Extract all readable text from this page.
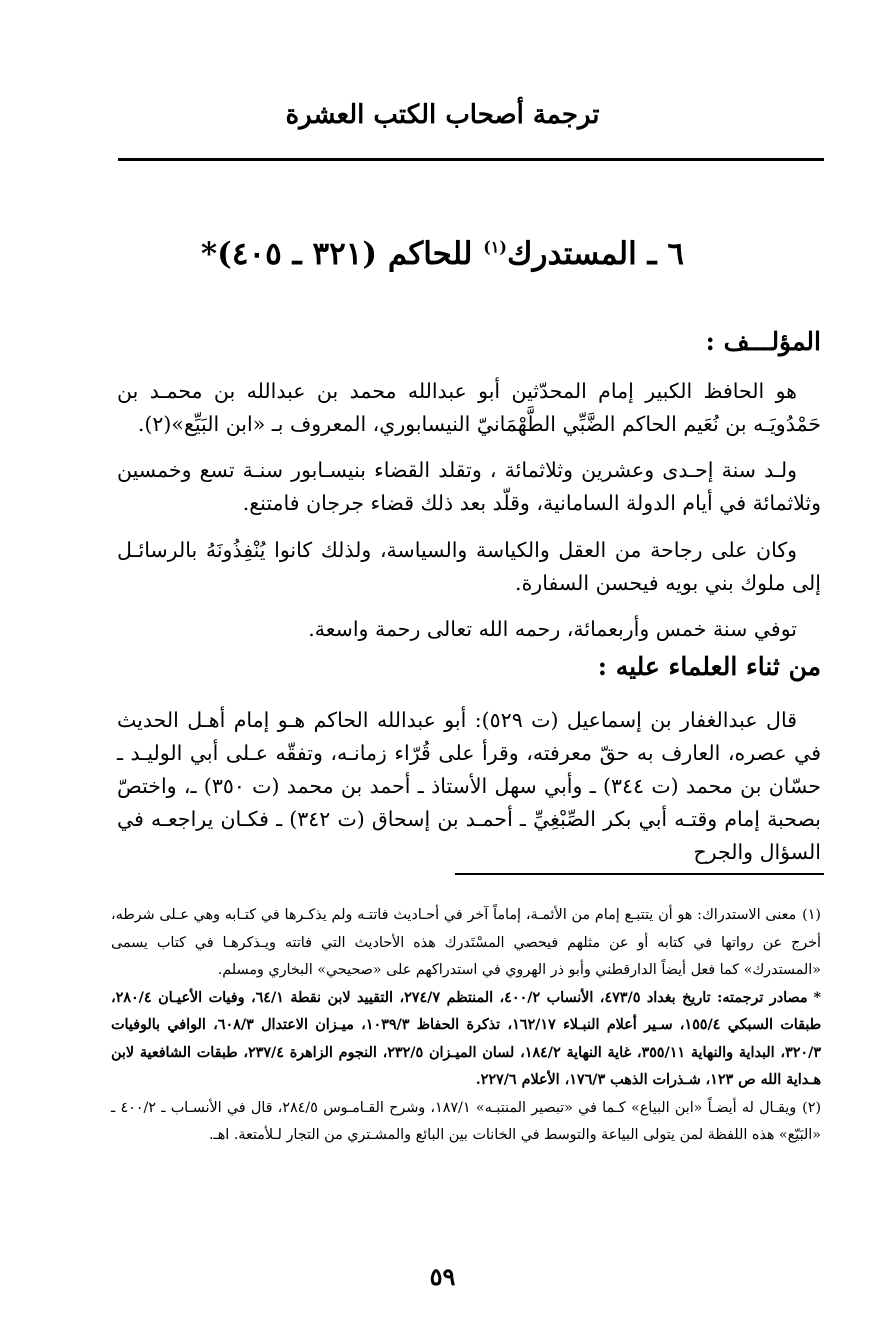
ترجمة أصحاب الكتب العشرة
٦ ـ المستدرك$^{(١)}$ للحاكم (٣٢١ ـ ٤٠٥)*
المؤلـــف :
هو الحافظ الكبير إمام المحدّثين أبو عبدالله محمد بن عبدالله بن محمـد بن حَمْدُويَـه بن نُعَيم الحاكم الضَّبِّي الطَّهْمَانيّ النيسابوري، المعروف بـ «ابن البَيِّع»(٢).
ولـد سنة إحـدى وعشرين وثلاثمائة ، وتقلد القضاء بنيسـابور سنـة تسع وخمسين وثلاثمائة في أيام الدولة السامانية، وقلّد بعد ذلك قضاء جرجان فامتنع.
وكان على رجاحة من العقل والكياسة والسياسة، ولذلك كانوا يُنْفِذُونَهُ بالرسائـل إلى ملوك بني بويه فيحسن السفارة.
توفي سنة خمس وأربعمائة، رحمه الله تعالى رحمة واسعة.
من ثناء العلماء عليه :
قال عبدالغفار بن إسماعيل (ت ٥٢٩): أبو عبدالله الحاكم هـو إمام أهـل الحديث في عصره، العارف به حقّ معرفته، وقرأ على قُرّاء زمانـه، وتفقّه عـلى أبي الوليـد ـ حسّان بن محمد (ت ٣٤٤) ـ وأبي سهل الأستاذ ـ أحمد بن محمد (ت ٣٥٠) ـ، واختصّ بصحبة إمام وقتـه أبي بكر الصِّبْغِيِّ ـ أحمـد بن إسحاق (ت ٣٤٢) ـ فكـان يراجعـه في السؤال والجرح
(١)معنى الاستدراك: هو أن يتتبـع إمام من الأئمـة، إماماً آخر في أحـاديث فاتتـه ولم يذكـرها في كتـابه وهي عـلى شرطه، أخرج عن رواتها في كتابه أو عن مثلهم فيحصي المسْتَدرك هذه الأحاديث التي فاتته ويـذكرهـا في كتاب يسمى «المستدرك» كما فعل أيضاً الدارقطني وأبو ذر الهروي في استدراكهم على «صحيحي» البخاري ومسلم.
*مصادر ترجمته: تاريخ بغداد ٤٧٣/٥، الأنساب ٤٠٠/٢، المنتظم ٢٧٤/٧، التقييد لابن نقطة ٦٤/١، وفيات الأعيـان ٢٨٠/٤، طبقات السبكي ١٥٥/٤، سـير أعلام النبـلاء ١٦٢/١٧، تذكرة الحفاظ ١٠٣٩/٣، ميـزان الاعتدال ٦٠٨/٣، الوافي بالوفيات ٣٢٠/٣، البداية والنهاية ٣٥٥/١١، غاية النهاية ١٨٤/٢، لسان الميـزان ٢٣٢/٥، النجوم الزاهرة ٢٣٧/٤، طبقات الشافعية لابن هـداية الله ص ١٢٣، شـذرات الذهب ١٧٦/٣، الأعلام ٢٢٧/٦.
(٢)ويقـال له أيضـاً «ابن البياع» كـما في «تبصير المنتبـه» ١٨٧/١، وشرح القـامـوس ٢٨٤/٥، قال في الأنسـاب ـ ٤٠٠/٢ ـ «البَيّع» هذه اللفظة لمن يتولى البياعة والتوسط في الخانات بين البائع والمشـتري من التجار لـلأمتعة. اهـ.
٥٩
